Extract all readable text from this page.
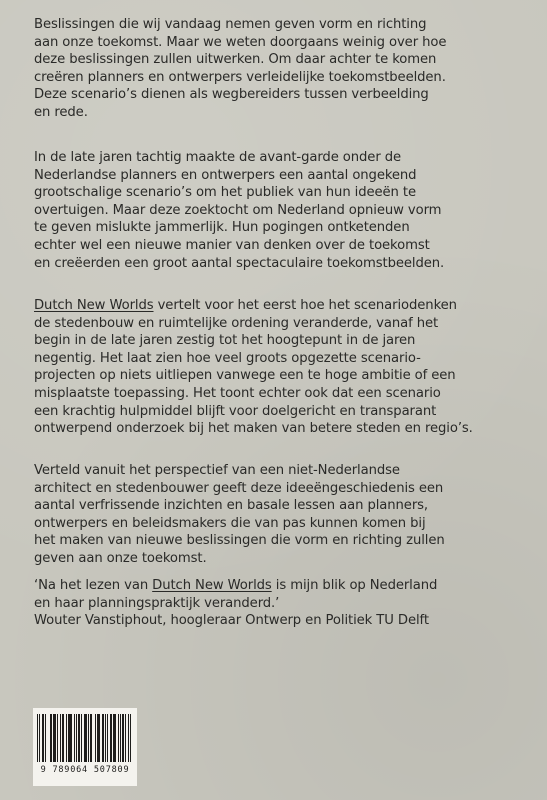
Beslissingen die wij vandaag nemen geven vorm en richting
aan onze toekomst. Maar we weten doorgaans weinig over hoe
deze beslissingen zullen uitwerken. Om daar achter te komen
creëren planners en ontwerpers verleidelijke toekomstbeelden.
Deze scenario’s dienen als wegbereiders tussen verbeelding
en rede.
In de late jaren tachtig maakte de avant-garde onder de
Nederlandse planners en ontwerpers een aantal ongekend
grootschalige scenario’s om het publiek van hun ideeën te
overtuigen. Maar deze zoektocht om Nederland opnieuw vorm
te geven mislukte jammerlijk. Hun pogingen ontketenden
echter wel een nieuwe manier van denken over de toekomst
en creëerden een groot aantal spectaculaire toekomstbeelden.
Dutch New Worlds vertelt voor het eerst hoe het scenariodenken
de stedenbouw en ruimtelijke ordening veranderde, vanaf het
begin in de late jaren zestig tot het hoogtepunt in de jaren
negentig. Het laat zien hoe veel groots opgezette scenario-
projecten op niets uitliepen vanwege een te hoge ambitie of een
misplaatste toepassing. Het toont echter ook dat een scenario
een krachtig hulpmiddel blijft voor doelgericht en transparant
ontwerpend onderzoek bij het maken van betere steden en regio’s.
Verteld vanuit het perspectief van een niet-Nederlandse
architect en stedenbouwer geeft deze ideeëngeschiedenis een
aantal verfrissende inzichten en basale lessen aan planners,
ontwerpers en beleidsmakers die van pas kunnen komen bij
het maken van nieuwe beslissingen die vorm en richting zullen
geven aan onze toekomst.
‘Na het lezen van Dutch New Worlds is mijn blik op Nederland
en haar planningspraktijk veranderd.’
Wouter Vanstiphout, hoogleraar Ontwerp en Politiek TU Delft
9 789064 507809
